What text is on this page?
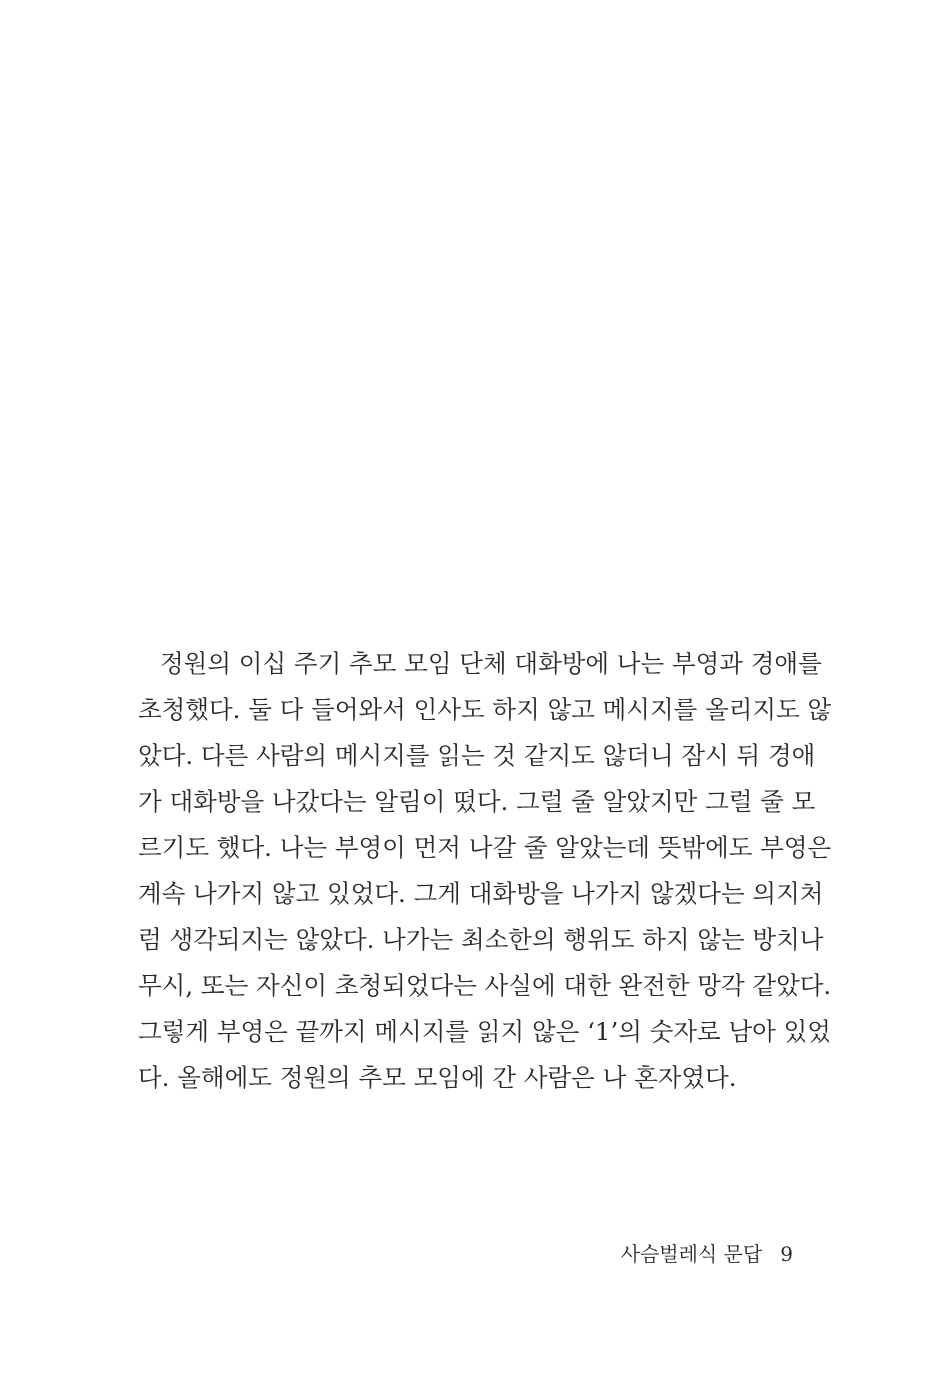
정원의 이십 주기 추모 모임 단체 대화방에 나는 부영과 경애를
초청했다. 둘 다 들어와서 인사도 하지 않고 메시지를 올리지도 않
았다. 다른 사람의 메시지를 읽는 것 같지도 않더니 잠시 뒤 경애
가 대화방을 나갔다는 알림이 떴다. 그럴 줄 알았지만 그럴 줄 모
르기도 했다. 나는 부영이 먼저 나갈 줄 알았는데 뜻밖에도 부영은
계속 나가지 않고 있었다. 그게 대화방을 나가지 않겠다는 의지처
럼 생각되지는 않았다. 나가는 최소한의 행위도 하지 않는 방치나
무시, 또는 자신이 초청되었다는 사실에 대한 완전한 망각 같았다.
그렇게 부영은 끝까지 메시지를 읽지 않은 ‘1’의 숫자로 남아 있었
다. 올해에도 정원의 추모 모임에 간 사람은 나 혼자였다.
사슴벌레식 문답 9
